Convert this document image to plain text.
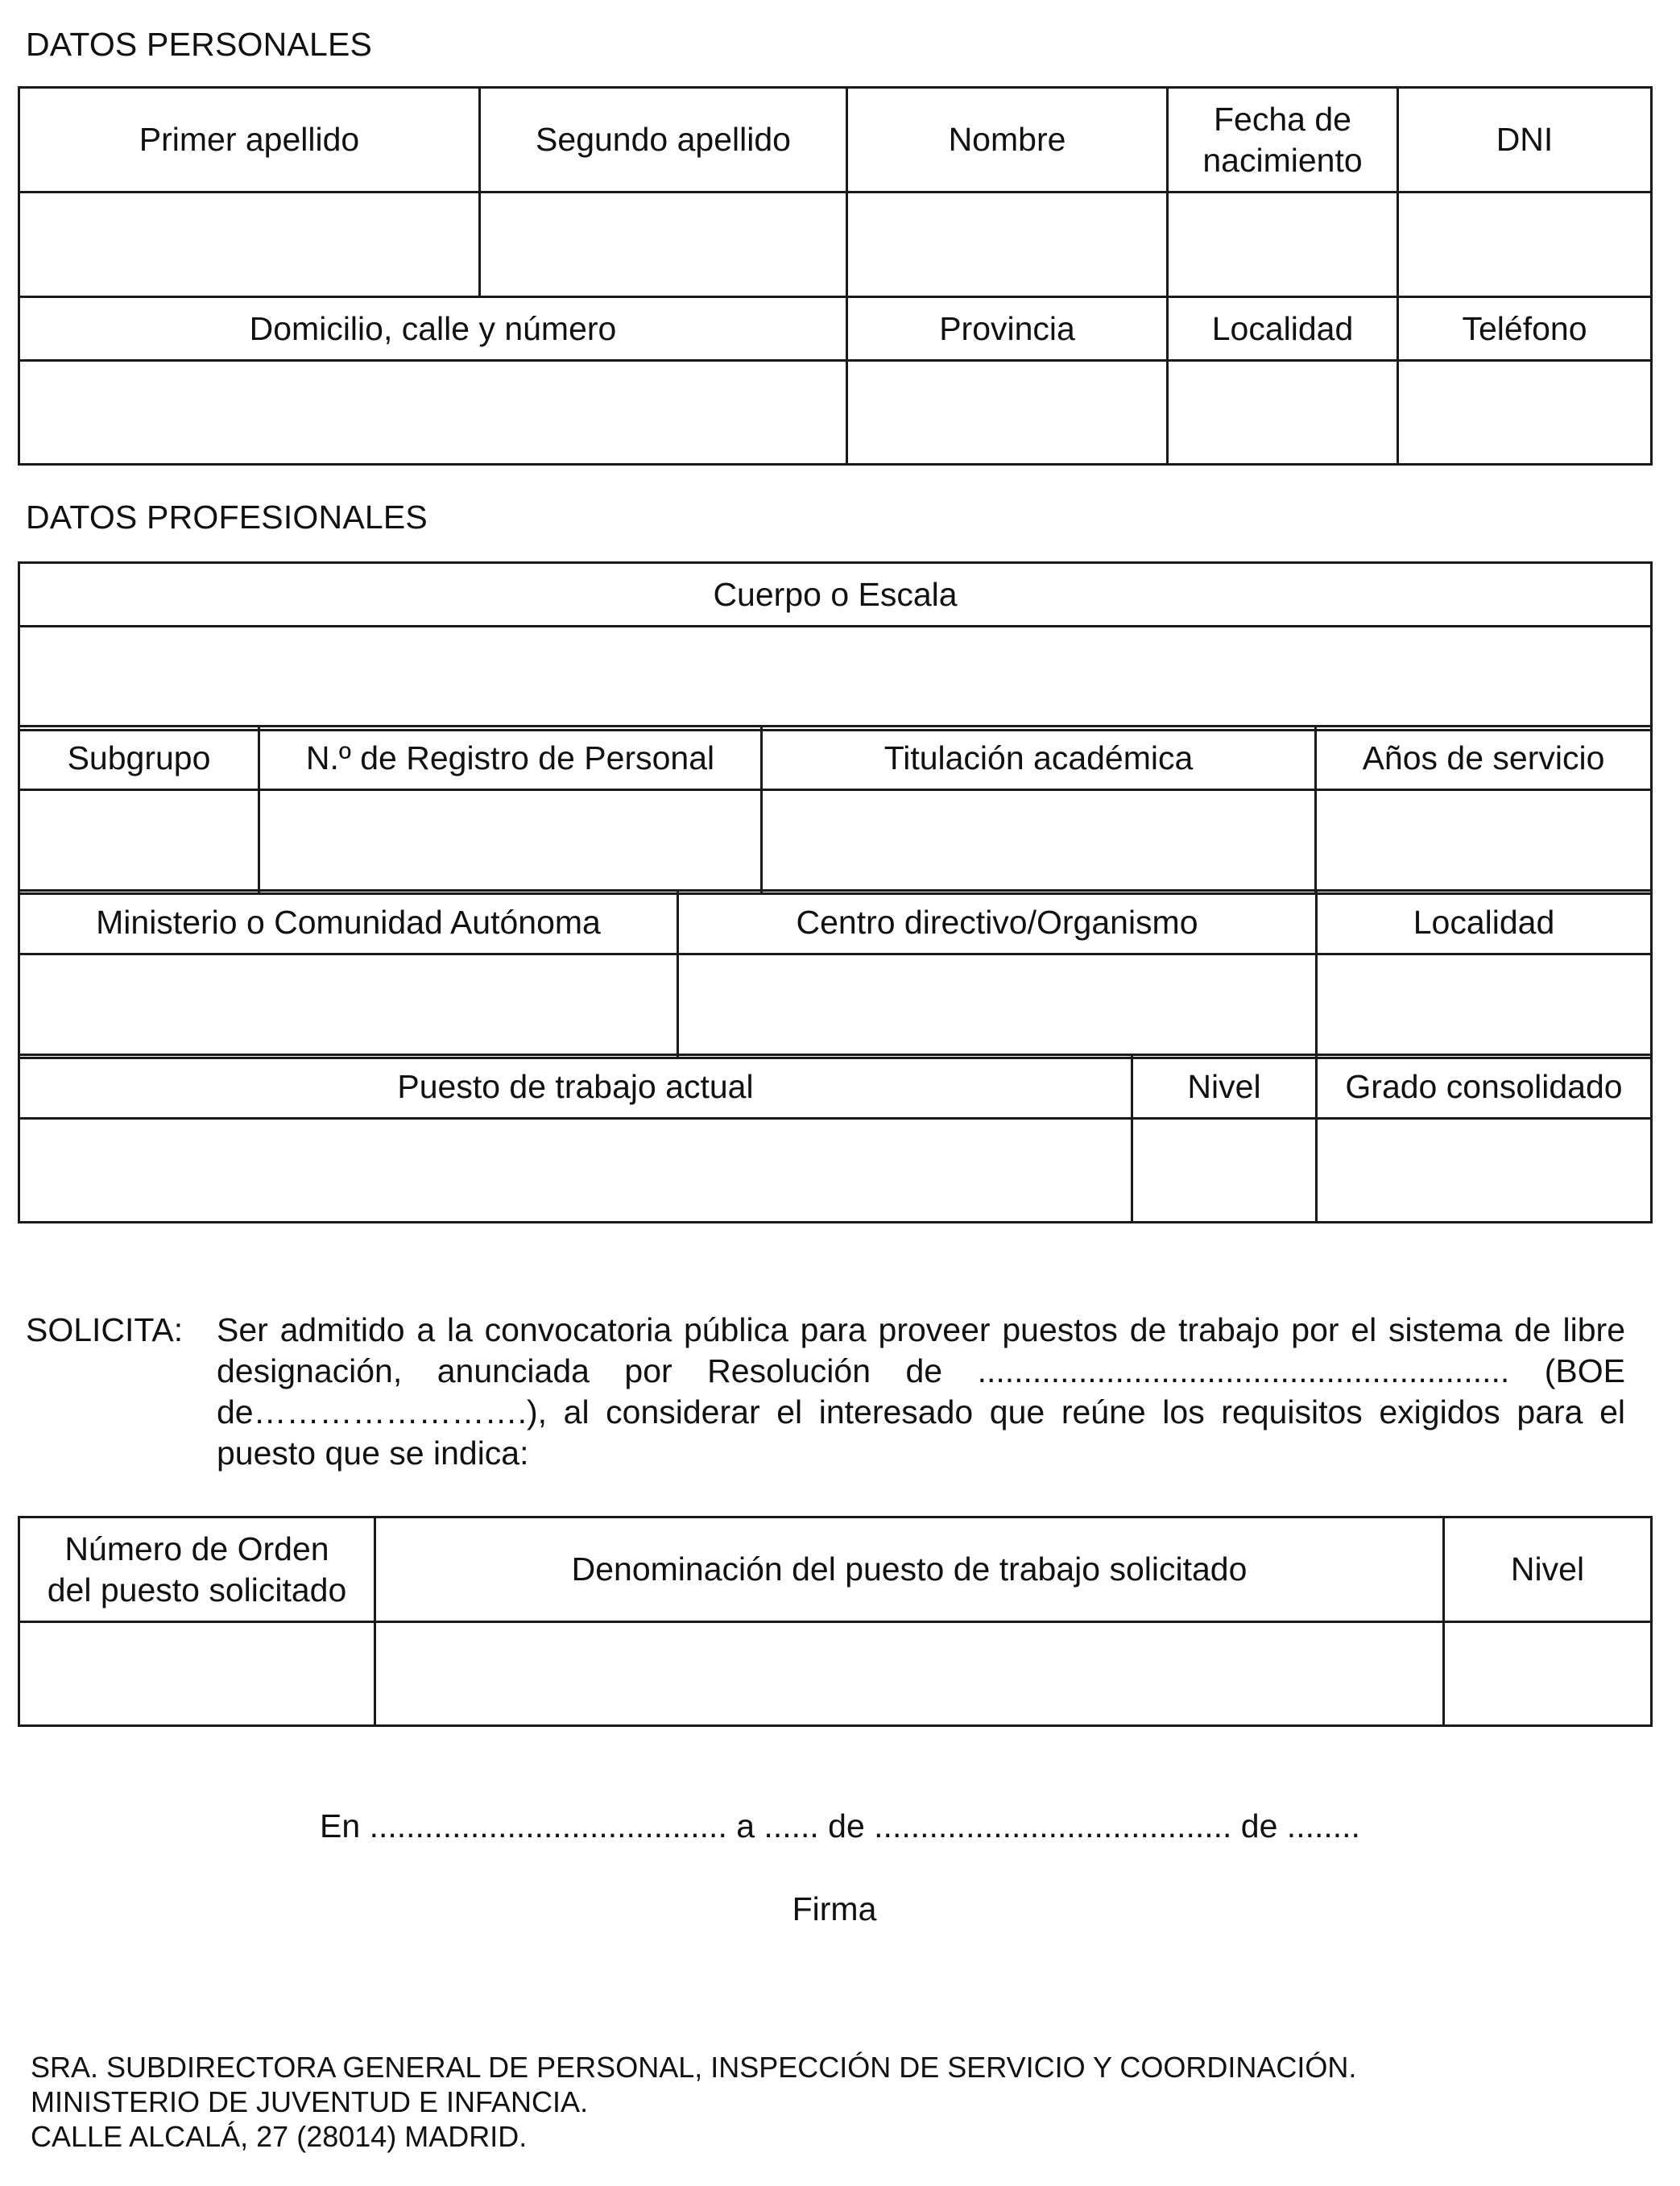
DATOS PERSONALES
Primer apellido	Segundo apellido	Nombre	Fecha de nacimiento	DNI

Domicilio, calle y número		Provincia	Localidad	Teléfono

DATOS PROFESIONALES
Cuerpo o Escala

Subgrupo	N.º de Registro de Personal	Titulación académica	Años de servicio

Ministerio o Comunidad Autónoma	Centro directivo/Organismo	Localidad

Puesto de trabajo actual	Nivel	Grado consolidado

SOLICITA: Ser admitido a la convocatoria pública para proveer puestos de trabajo por el sistema de libre designación, anunciada por Resolución de .......................................................... (BOE de…………………….), al considerar el interesado que reúne los requisitos exigidos para el puesto que se indica:
Número de Orden del puesto solicitado	Denominación del puesto de trabajo solicitado	Nivel

En ....................................... a ...... de ....................................... de ........
Firma
SRA. SUBDIRECTORA GENERAL DE PERSONAL, INSPECCIÓN DE SERVICIO Y COORDINACIÓN.
MINISTERIO DE JUVENTUD E INFANCIA.
CALLE ALCALÁ, 27 (28014) MADRID.
